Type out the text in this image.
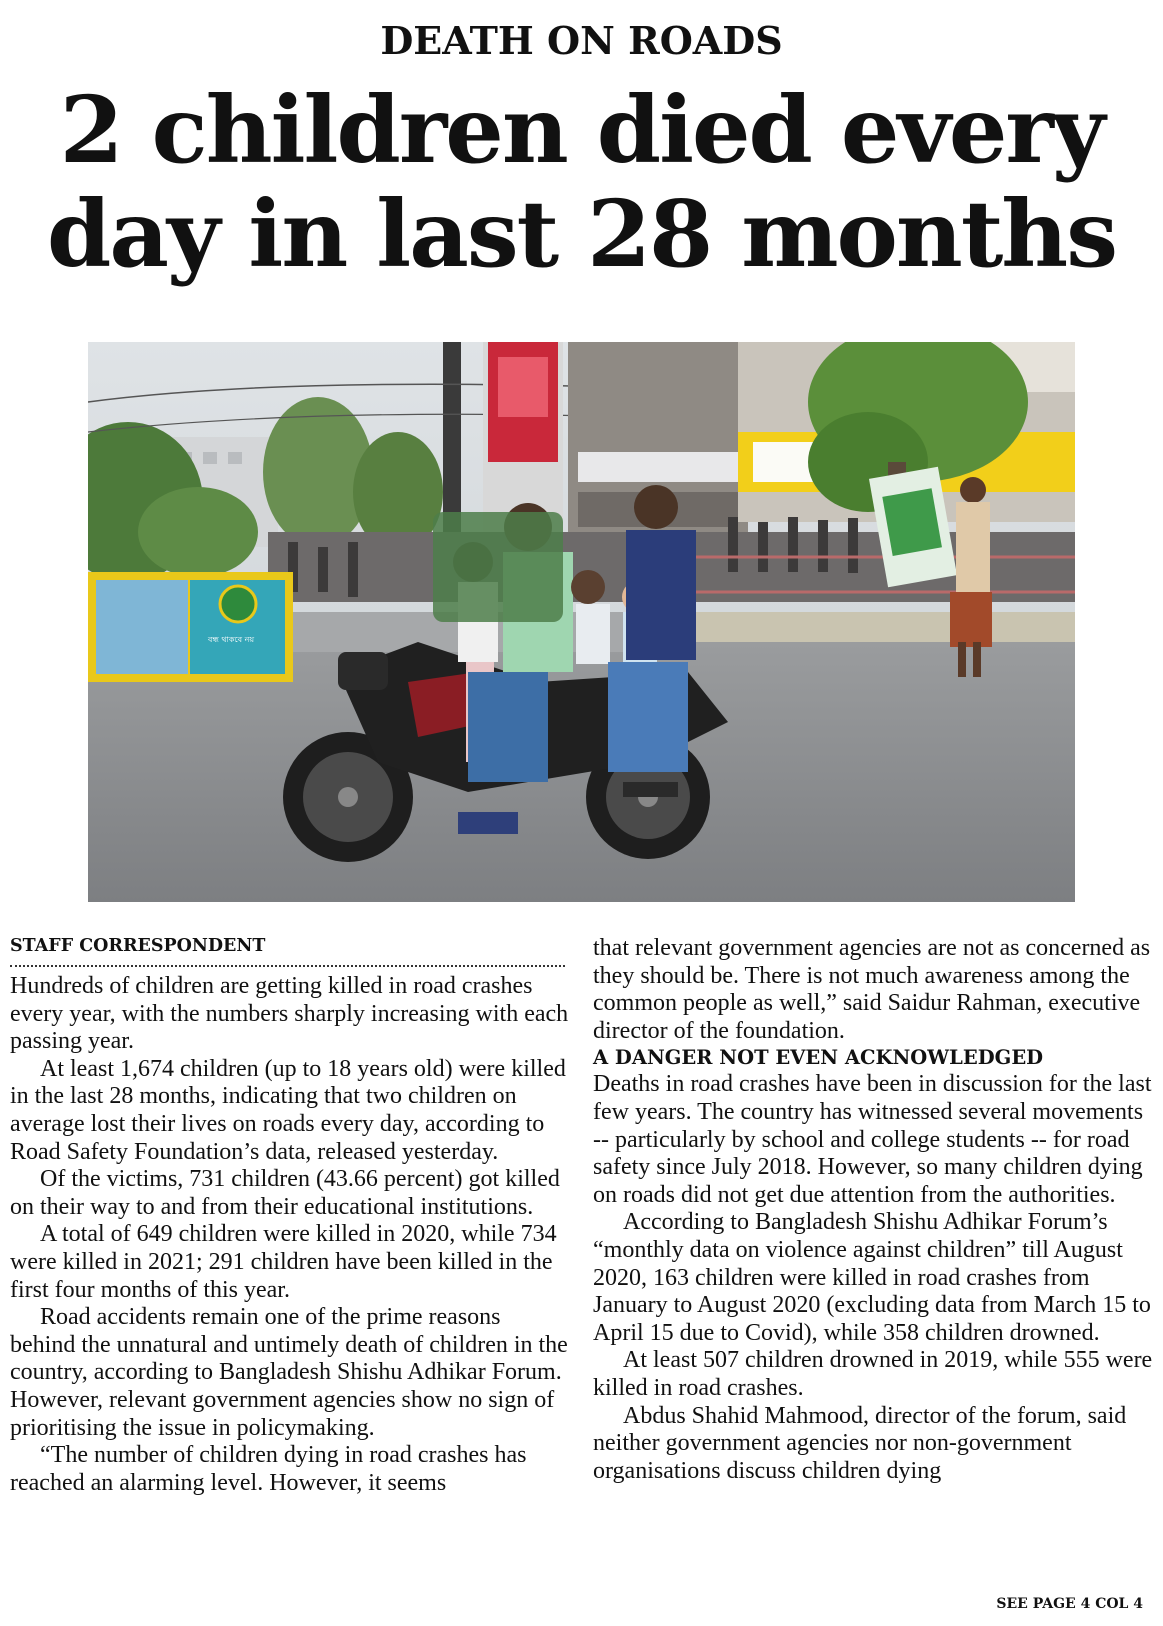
DEATH ON ROADS
2 children died every
day in last 28 months
বন্ধ থাকবে নয়
STAFF CORRESPONDENT

Hundreds of children are getting killed in road crashes every year, with the numbers sharply increasing with each passing year.

At least 1,674 children (up to 18 years old) were killed in the last 28 months, indicating that two children on average lost their lives on roads every day, according to Road Safety Foundation’s data, released yesterday.

Of the victims, 731 children (43.66 percent) got killed on their way to and from their educational institutions.

A total of 649 children were killed in 2020, while 734 were killed in 2021; 291 children have been killed in the first four months of this year.

Road accidents remain one of the prime reasons behind the unnatural and untimely death of children in the country, according to Bangladesh Shishu Adhikar Forum. However, relevant government agencies show no sign of prioritising the issue in policymaking.

“The number of children dying in road crashes has reached an alarming level. However, it seems

that relevant government agencies are not as concerned as they should be. There is not much awareness among the common people as well,” said Saidur Rahman, executive director of the foundation.

A DANGER NOT EVEN ACKNOWLEDGED

Deaths in road crashes have been in discussion for the last few years. The country has witnessed several movements -- particularly by school and college students -- for road safety since July 2018. However, so many children dying on roads did not get due attention from the authorities.

According to Bangladesh Shishu Adhikar Forum’s “monthly data on violence against children” till August 2020, 163 children were killed in road crashes from January to August 2020 (excluding data from March 15 to April 15 due to Covid), while 358 children drowned.

At least 507 children drowned in 2019, while 555 were killed in road crashes.

Abdus Shahid Mahmood, director of the forum, said neither government agencies nor non-government organisations discuss children dying

SEE PAGE 4 COL 4
